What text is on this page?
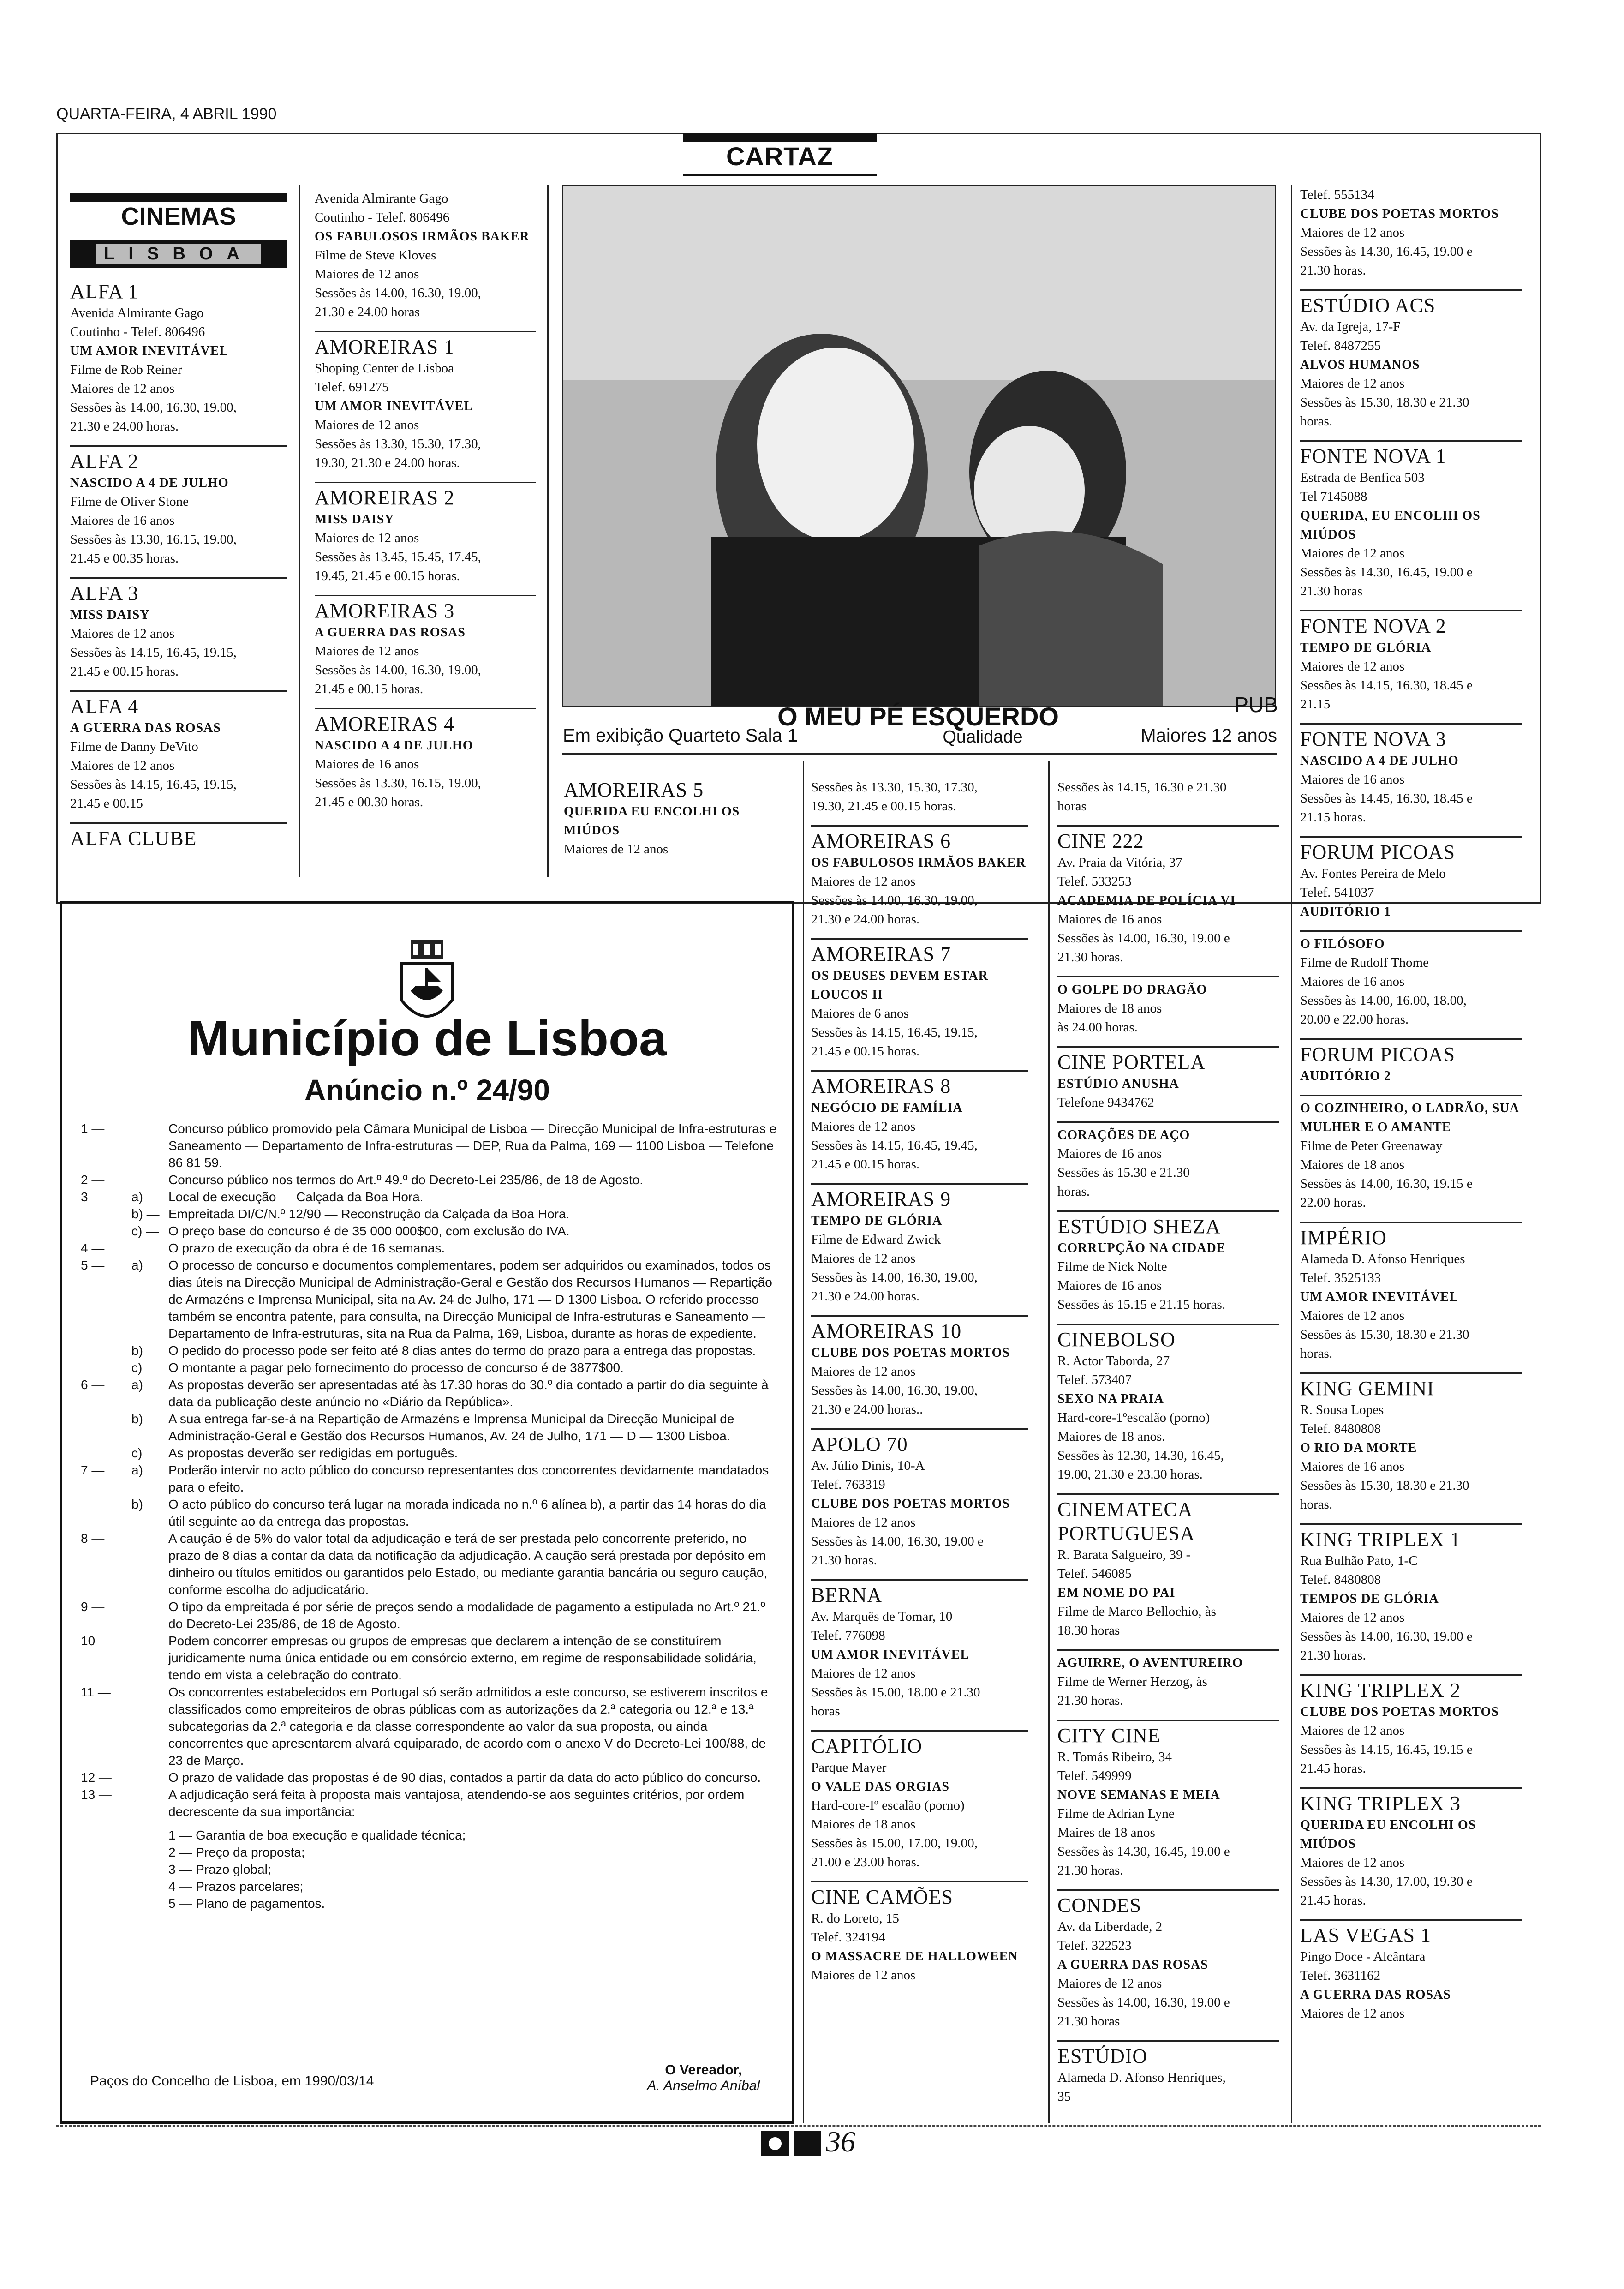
QUARTA-FEIRA, 4 ABRIL 1990
CARTAZ
CINEMAS
LISBOA
ALFA 1
Avenida Almirante Gago
Coutinho - Telef. 806496
UM AMOR INEVITÁVEL
Filme de Rob Reiner
Maiores de 12 anos
Sessões às 14.00, 16.30, 19.00,
21.30 e 24.00 horas.
ALFA 2
NASCIDO A 4 DE JULHO
Filme de Oliver Stone
Maiores de 16 anos
Sessões às 13.30, 16.15, 19.00,
21.45 e 00.35 horas.
ALFA 3
MISS DAISY
Maiores de 12 anos
Sessões às 14.15, 16.45, 19.15,
21.45 e 00.15 horas.
ALFA 4
A GUERRA DAS ROSAS
Filme de Danny DeVito
Maiores de 12 anos
Sessões às 14.15, 16.45, 19.15,
21.45 e 00.15
ALFA CLUBE
Avenida Almirante Gago
Coutinho - Telef. 806496
OS FABULOSOS IRMÃOS BAKER
Filme de Steve Kloves
Maiores de 12 anos
Sessões às 14.00, 16.30, 19.00,
21.30 e 24.00 horas
AMOREIRAS 1
Shoping Center de Lisboa
Telef. 691275
UM AMOR INEVITÁVEL
Maiores de 12 anos
Sessões às 13.30, 15.30, 17.30,
19.30, 21.30 e 24.00 horas.
AMOREIRAS 2
MISS DAISY
Maiores de 12 anos
Sessões às 13.45, 15.45, 17.45,
19.45, 21.45 e 00.15 horas.
AMOREIRAS 3
A GUERRA DAS ROSAS
Maiores de 12 anos
Sessões às 14.00, 16.30, 19.00,
21.45 e 00.15 horas.
AMOREIRAS 4
NASCIDO A 4 DE JULHO
Maiores de 16 anos
Sessões às 13.30, 16.15, 19.00,
21.45 e 00.30 horas.
AMOREIRAS 5
QUERIDA EU ENCOLHI OS MIÚDOS
Maiores de 12 anos
Sessões às 13.30, 15.30, 17.30,
19.30, 21.45 e 00.15 horas.
AMOREIRAS 6
OS FABULOSOS IRMÃOS BAKER
Maiores de 12 anos
Sessões às 14.00, 16.30, 19.00,
21.30 e 24.00 horas.
AMOREIRAS 7
OS DEUSES DEVEM ESTAR LOUCOS II
Maiores de 6 anos
Sessões às 14.15, 16.45, 19.15,
21.45 e 00.15 horas.
AMOREIRAS 8
NEGÓCIO DE FAMÍLIA
Maiores de 12 anos
Sessões às 14.15, 16.45, 19.45,
21.45 e 00.15 horas.
AMOREIRAS 9
TEMPO DE GLÓRIA
Filme de Edward Zwick
Maiores de 12 anos
Sessões às 14.00, 16.30, 19.00,
21.30 e 24.00 horas.
AMOREIRAS 10
CLUBE DOS POETAS MORTOS
Maiores de 12 anos
Sessões às 14.00, 16.30, 19.00,
21.30 e 24.00 horas..
APOLO 70
Av. Júlio Dinis, 10-A
Telef. 763319
CLUBE DOS POETAS MORTOS
Maiores de 12 anos
Sessões às 14.00, 16.30, 19.00 e
21.30 horas.
BERNA
Av. Marquês de Tomar, 10
Telef. 776098
UM AMOR INEVITÁVEL
Maiores de 12 anos
Sessões às 15.00, 18.00 e 21.30
horas
CAPITÓLIO
Parque Mayer
O VALE DAS ORGIAS
Hard-core-Iº escalão (porno)
Maiores de 18 anos
Sessões às 15.00, 17.00, 19.00,
21.00 e 23.00 horas.
CINE CAMÕES
R. do Loreto, 15
Telef. 324194
O MASSACRE DE HALLOWEEN
Maiores de 12 anos
Sessões às 14.15, 16.30 e 21.30
horas
CINE 222
Av. Praia da Vitória, 37
Telef. 533253
ACADEMIA DE POLÍCIA VI
Maiores de 16 anos
Sessões às 14.00, 16.30, 19.00 e
21.30 horas.
O GOLPE DO DRAGÃO
Maiores de 18 anos
às 24.00 horas.
CINE PORTELA
ESTÚDIO ANUSHA
Telefone 9434762
CORAÇÕES DE AÇO
Maiores de 16 anos
Sessões às 15.30 e 21.30
horas.
ESTÚDIO SHEZA
CORRUPÇÃO NA CIDADE
Filme de Nick Nolte
Maiores de 16 anos
Sessões às 15.15 e 21.15 horas.
CINEBOLSO
R. Actor Taborda, 27
Telef. 573407
SEXO NA PRAIA
Hard-core-1ºescalão (porno)
Maiores de 18 anos.
Sessões às 12.30, 14.30, 16.45,
19.00, 21.30 e 23.30 horas.
CINEMATECA PORTUGUESA
R. Barata Salgueiro, 39 -
Telef. 546085
EM NOME DO PAI
Filme de Marco Bellochio, às
18.30 horas
AGUIRRE, O AVENTUREIRO
Filme de Werner Herzog, às
21.30 horas.
CITY CINE
R. Tomás Ribeiro, 34
Telef. 549999
NOVE SEMANAS E MEIA
Filme de Adrian Lyne
Maires de 18 anos
Sessões às 14.30, 16.45, 19.00 e
21.30 horas.
CONDES
Av. da Liberdade, 2
Telef. 322523
A GUERRA DAS ROSAS
Maiores de 12 anos
Sessões às 14.00, 16.30, 19.00 e
21.30 horas
ESTÚDIO
Alameda D. Afonso Henriques,
35
Telef. 555134
CLUBE DOS POETAS MORTOS
Maiores de 12 anos
Sessões às 14.30, 16.45, 19.00 e
21.30 horas.
ESTÚDIO ACS
Av. da Igreja, 17-F
Telef. 8487255
ALVOS HUMANOS
Maiores de 12 anos
Sessões às 15.30, 18.30 e 21.30
horas.
FONTE NOVA 1
Estrada de Benfica 503
Tel 7145088
QUERIDA, EU ENCOLHI OS MIÚDOS
Maiores de 12 anos
Sessões às 14.30, 16.45, 19.00 e
21.30 horas
FONTE NOVA 2
TEMPO DE GLÓRIA
Maiores de 12 anos
Sessões às 14.15, 16.30, 18.45 e
21.15
FONTE NOVA 3
NASCIDO A 4 DE JULHO
Maiores de 16 anos
Sessões às 14.45, 16.30, 18.45 e
21.15 horas.
FORUM PICOAS
Av. Fontes Pereira de Melo
Telef. 541037
AUDITÓRIO 1
O FILÓSOFO
Filme de Rudolf Thome
Maiores de 16 anos
Sessões às 14.00, 16.00, 18.00,
20.00 e 22.00 horas.
FORUM PICOAS
AUDITÓRIO 2
O COZINHEIRO, O LADRÃO, SUA MULHER E O AMANTE
Filme de Peter Greenaway
Maiores de 18 anos
Sessões às 14.00, 16.30, 19.15 e
22.00 horas.
IMPÉRIO
Alameda D. Afonso Henriques
Telef. 3525133
UM AMOR INEVITÁVEL
Maiores de 12 anos
Sessões às 15.30, 18.30 e 21.30
horas.
KING GEMINI
R. Sousa Lopes
Telef. 8480808
O RIO DA MORTE
Maiores de 16 anos
Sessões às 15.30, 18.30 e 21.30
horas.
KING TRIPLEX 1
Rua Bulhão Pato, 1-C
Telef. 8480808
TEMPOS DE GLÓRIA
Maiores de 12 anos
Sessões às 14.00, 16.30, 19.00 e
21.30 horas.
KING TRIPLEX 2
CLUBE DOS POETAS MORTOS
Maiores de 12 anos
Sessões às 14.15, 16.45, 19.15 e
21.45 horas.
KING TRIPLEX 3
QUERIDA EU ENCOLHI OS MIÚDOS
Maiores de 12 anos
Sessões às 14.30, 17.00, 19.30 e
21.45 horas.
LAS VEGAS 1
Pingo Doce - Alcântara
Telef. 3631162
A GUERRA DAS ROSAS
Maiores de 12 anos
O MEU PÉ ESQUERDO	PUB
Em exibição Quarteto Sala 1	Qualidade	Maiores 12 anos
Município de Lisboa
Anúncio n.º 24/90
1 —	Concurso público promovido pela Câmara Municipal de Lisboa — Direcção Municipal de Infra-estruturas e Saneamento — Departamento de Infra-estruturas — DEP, Rua da Palma, 169 — 1100 Lisboa — Telefone 86 81 59.
2 —	Concurso público nos termos do Art.º 49.º do Decreto-Lei 235/86, de 18 de Agosto.
3 —	a) — Local de execução — Calçada da Boa Hora.
b) — Empreitada DI/C/N.º 12/90 — Reconstrução da Calçada da Boa Hora.
c) — O preço base do concurso é de 35 000 000$00, com exclusão do IVA.
4 —	O prazo de execução da obra é de 16 semanas.
5 —	a)	O processo de concurso e documentos complementares, podem ser adquiridos ou examinados, todos os dias úteis na Direcção Municipal de Administração-Geral e Gestão dos Recursos Humanos — Repartição de Armazéns e Imprensa Municipal, sita na Av. 24 de Julho, 171 — D 1300 Lisboa. O referido processo também se encontra patente, para consulta, na Direcção Municipal de Infra-estruturas e Saneamento — Departamento de Infra-estruturas, sita na Rua da Palma, 169, Lisboa, durante as horas de expediente.
b)	O pedido do processo pode ser feito até 8 dias antes do termo do prazo para a entrega das propostas.
c)	O montante a pagar pelo fornecimento do processo de concurso é de 3877$00.
6 —	a)	As propostas deverão ser apresentadas até às 17.30 horas do 30.º dia contado a partir do dia seguinte à data da publicação deste anúncio no «Diário da República».
b)	A sua entrega far-se-á na Repartição de Armazéns e Imprensa Municipal da Direcção Municipal de Administração-Geral e Gestão dos Recursos Humanos, Av. 24 de Julho, 171 — D — 1300 Lisboa.
c)	As propostas deverão ser redigidas em português.
7 —	a)	Poderão intervir no acto público do concurso representantes dos concorrentes devidamente mandatados para o efeito.
b)	O acto público do concurso terá lugar na morada indicada no n.º 6 alínea b), a partir das 14 horas do dia útil seguinte ao da entrega das propostas.
8 —	A caução é de 5% do valor total da adjudicação e terá de ser prestada pelo concorrente preferido, no prazo de 8 dias a contar da data da notificação da adjudicação. A caução será prestada por depósito em dinheiro ou títulos emitidos ou garantidos pelo Estado, ou mediante garantia bancária ou seguro caução, conforme escolha do adjudicatário.
9 —	O tipo da empreitada é por série de preços sendo a modalidade de pagamento a estipulada no Art.º 21.º do Decreto-Lei 235/86, de 18 de Agosto.
10 —	Podem concorrer empresas ou grupos de empresas que declarem a intenção de se constituírem juridicamente numa única entidade ou em consórcio externo, em regime de responsabilidade solidária, tendo em vista a celebração do contrato.
11 —	Os concorrentes estabelecidos em Portugal só serão admitidos a este concurso, se estiverem inscritos e classificados como empreiteiros de obras públicas com as autorizações da 2.ª categoria ou 12.ª e 13.ª subcategorias da 2.ª categoria e da classe correspondente ao valor da sua proposta, ou ainda concorrentes que apresentarem alvará equiparado, de acordo com o anexo V do Decreto-Lei 100/88, de 23 de Março.
12 —	O prazo de validade das propostas é de 90 dias, contados a partir da data do acto público do concurso.
13 —	A adjudicação será feita à proposta mais vantajosa, atendendo-se aos seguintes critérios, por ordem decrescente da sua importância:
1 — Garantia de boa execução e qualidade técnica;
2 — Preço da proposta;
3 — Prazo global;
4 — Prazos parcelares;
5 — Plano de pagamentos.
Paços do Concelho de Lisboa, em 1990/03/14
O Vereador,
A. Anselmo Aníbal
36
